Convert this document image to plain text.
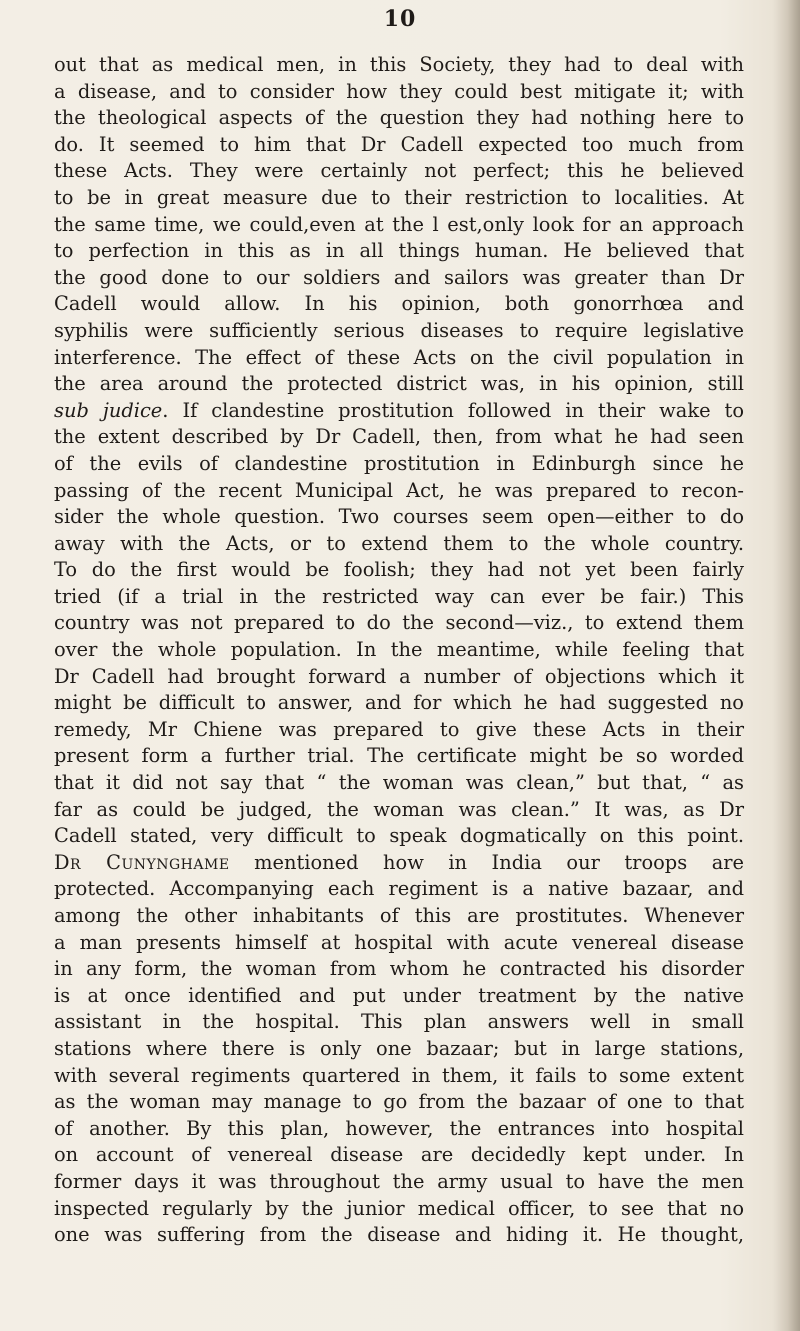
10

out that as medical men, in this Society, they had to deal with
a disease, and to consider how they could best mitigate it; with
the theological aspects of the question they had nothing here to
do. It seemed to him that Dr Cadell expected too much from
these Acts. They were certainly not perfect; this he believed
to be in great measure due to their restriction to localities. At
the same time, we could,even at the l est,only look for an approach
to perfection in this as in all things human. He believed that
the good done to our soldiers and sailors was greater than Dr
Cadell would allow. In his opinion, both gonorrhœa and
syphilis were sufficiently serious diseases to require legislative
interference. The effect of these Acts on the civil population in
the area around the protected district was, in his opinion, still
sub judice. If clandestine prostitution followed in their wake to
the extent described by Dr Cadell, then, from what he had seen
of the evils of clandestine prostitution in Edinburgh since he
passing of the recent Municipal Act, he was prepared to recon-
sider the whole question. Two courses seem open—either to do
away with the Acts, or to extend them to the whole country.
To do the first would be foolish; they had not yet been fairly
tried (if a trial in the restricted way can ever be fair.) This
country was not prepared to do the second—viz., to extend them
over the whole population. In the meantime, while feeling that
Dr Cadell had brought forward a number of objections which it
might be difficult to answer, and for which he had suggested no
remedy, Mr Chiene was prepared to give these Acts in their
present form a further trial. The certificate might be so worded
that it did not say that “ the woman was clean,” but that, “ as
far as could be judged, the woman was clean.” It was, as Dr
Cadell stated, very difficult to speak dogmatically on this point.
Dr Cunynghame mentioned how in India our troops are
protected. Accompanying each regiment is a native bazaar, and
among the other inhabitants of this are prostitutes. Whenever
a man presents himself at hospital with acute venereal disease
in any form, the woman from whom he contracted his disorder
is at once identified and put under treatment by the native
assistant in the hospital. This plan answers well in small
stations where there is only one bazaar; but in large stations,
with several regiments quartered in them, it fails to some extent
as the woman may manage to go from the bazaar of one to that
of another. By this plan, however, the entrances into hospital
on account of venereal disease are decidedly kept under. In
former days it was throughout the army usual to have the men
inspected regularly by the junior medical officer, to see that no
one was suffering from the disease and hiding it. He thought,
